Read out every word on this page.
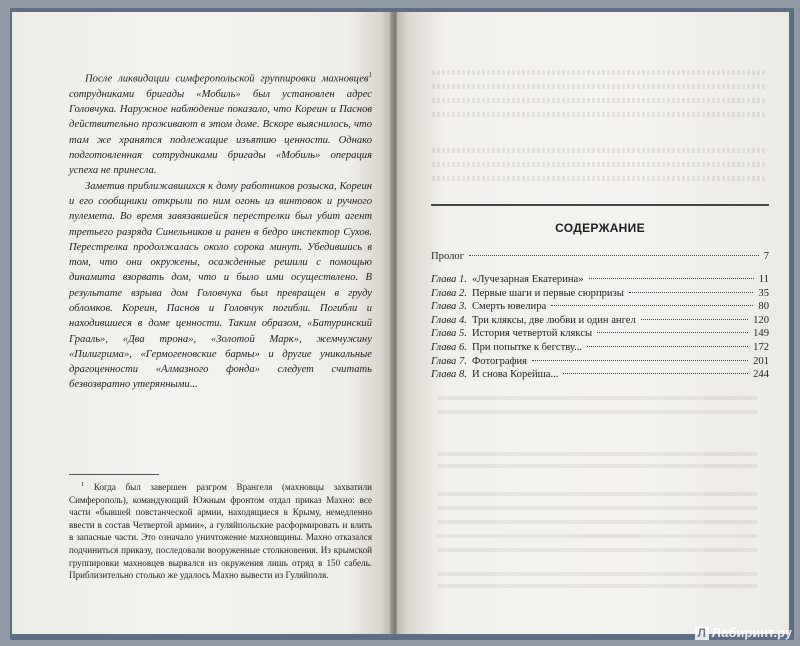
После ликвидации симферопольской группировки махновцев$^1$ сотрудниками бригады «Мобиль» был установлен адрес Головчука. Наружное наблюдение показало, что Кореин и Паснов действительно проживают в этом доме. Вскоре выяснилось, что там же хранятся подлежащие изъятию ценности. Однако подготовленная сотрудниками бригады «Мобиль» операция успеха не принесла.

Заметив приближавшихся к дому работников розыска, Кореин и его сообщники открыли по ним огонь из винтовок и ручного пулемета. Во время завязавшейся перестрелки был убит агент третьего разряда Синельников и ранен в бедро инспектор Сухов. Перестрелка продолжалась около сорока минут. Убедившись в том, что они окружены, осажденные решили с помощью динамита взорвать дом, что и было ими осуществлено. В результате взрыва дом Головчука был превращен в груду обломков. Кореин, Паснов и Головчук погибли. Погибли и находившиеся в доме ценности. Таким образом, «Батуринский Грааль», «Два трона», «Золотой Марк», жемчужину «Пилигрима», «Гермогеновские бармы» и другие уникальные драгоценности «Алмазного фонда» следует считать безвозвратно утерянными...

$^1$ Когда был завершен разгром Врангеля (махновцы захватили Симферополь), командующий Южным фронтом отдал приказ Махно: все части «бывшей повстанческой армии, находящиеся в Крыму, немедленно ввести в состав Четвертой армии», а гуляйпольские расформировать и влить в запасные части. Это означало уничтожение махновщины. Махно отказался подчиниться приказу, последовали вооруженные столкновения. Из крымской группировки махновцев вырвался из окружения лишь отряд в 150 сабель. Приблизительно столько же удалось Махно вывести из Гуляйполя.

СОДЕРЖАНИЕ
Пролог	7
Глава 1. «Лучезарная Екатерина»	11
Глава 2. Первые шаги и первые сюрпризы	35
Глава 3. Смерть ювелира	80
Глава 4. Три кляксы, две любви и один ангел	120
Глава 5. История четвертой кляксы	149
Глава 6. При попытке к бегству...	172
Глава 7. Фотография	201
Глава 8. И снова Корейша...	244
Л Лабиринт.ру
